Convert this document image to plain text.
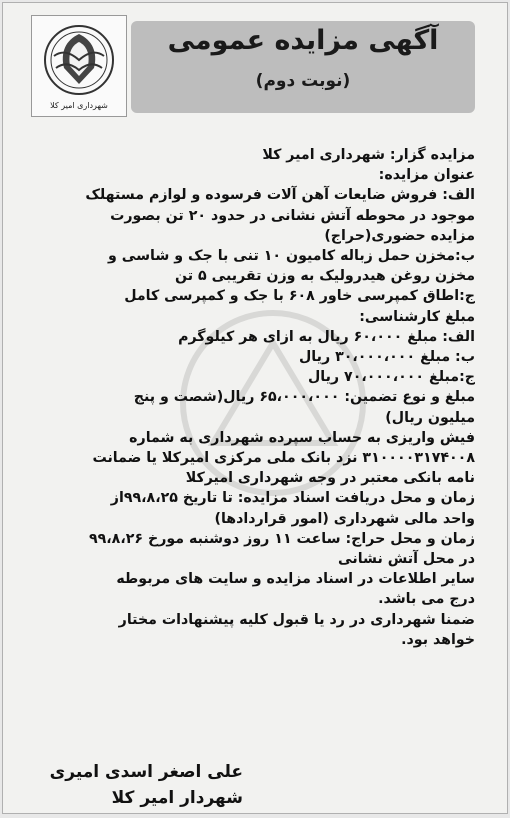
شهرداری امیر کلا
آگهی مزایده عمومی
(نوبت دوم)
مزایده گزار: شهرداری امیر کلا
عنوان مزایده:
الف: فروش ضایعات آهن آلات فرسوده و لوازم مستهلک
موجود در محوطه آتش نشانی در حدود ۲۰ تن بصورت
مزایده حضوری(حراج)
ب:مخزن حمل زباله کامیون ۱۰ تنی با جک و شاسی و
مخزن روغن هیدرولیک به وزن تقریبی ۵ تن
ج:اطاق کمپرسی خاور ۶۰۸ با جک و کمپرسی کامل
مبلغ کارشناسی:
الف: مبلغ ۶۰،۰۰۰ ریال به ازای هر کیلوگرم
ب: مبلغ ۳۰،۰۰۰،۰۰۰ ریال
ج:مبلغ ۷۰،۰۰۰،۰۰۰ ریال
مبلغ و نوع تضمین: ۶۵،۰۰۰،۰۰۰ ریال(شصت و پنج
میلیون ریال)
فیش واریزی به حساب سپرده شهرداری به شماره
۳۱۰۰۰۰۳۱۷۴۰۰۸ نزد بانک ملی مرکزی امیرکلا یا ضمانت
نامه بانکی معتبر در وجه شهرداری امیرکلا
زمان و محل دریافت اسناد مزایده: تا تاریخ ۹۹،۸،۲۵از
واحد مالی شهرداری (امور قراردادها)
زمان و محل حراج: ساعت ۱۱ روز دوشنبه مورخ ۹۹،۸،۲۶
در محل آتش نشانی
سایر اطلاعات در اسناد مزایده و سایت های مربوطه
درج می باشد.
ضمنا شهرداری در رد یا قبول کلیه پیشنهادات مختار
خواهد بود.
علی اصغر اسدی امیری
شهردار امیر کلا
